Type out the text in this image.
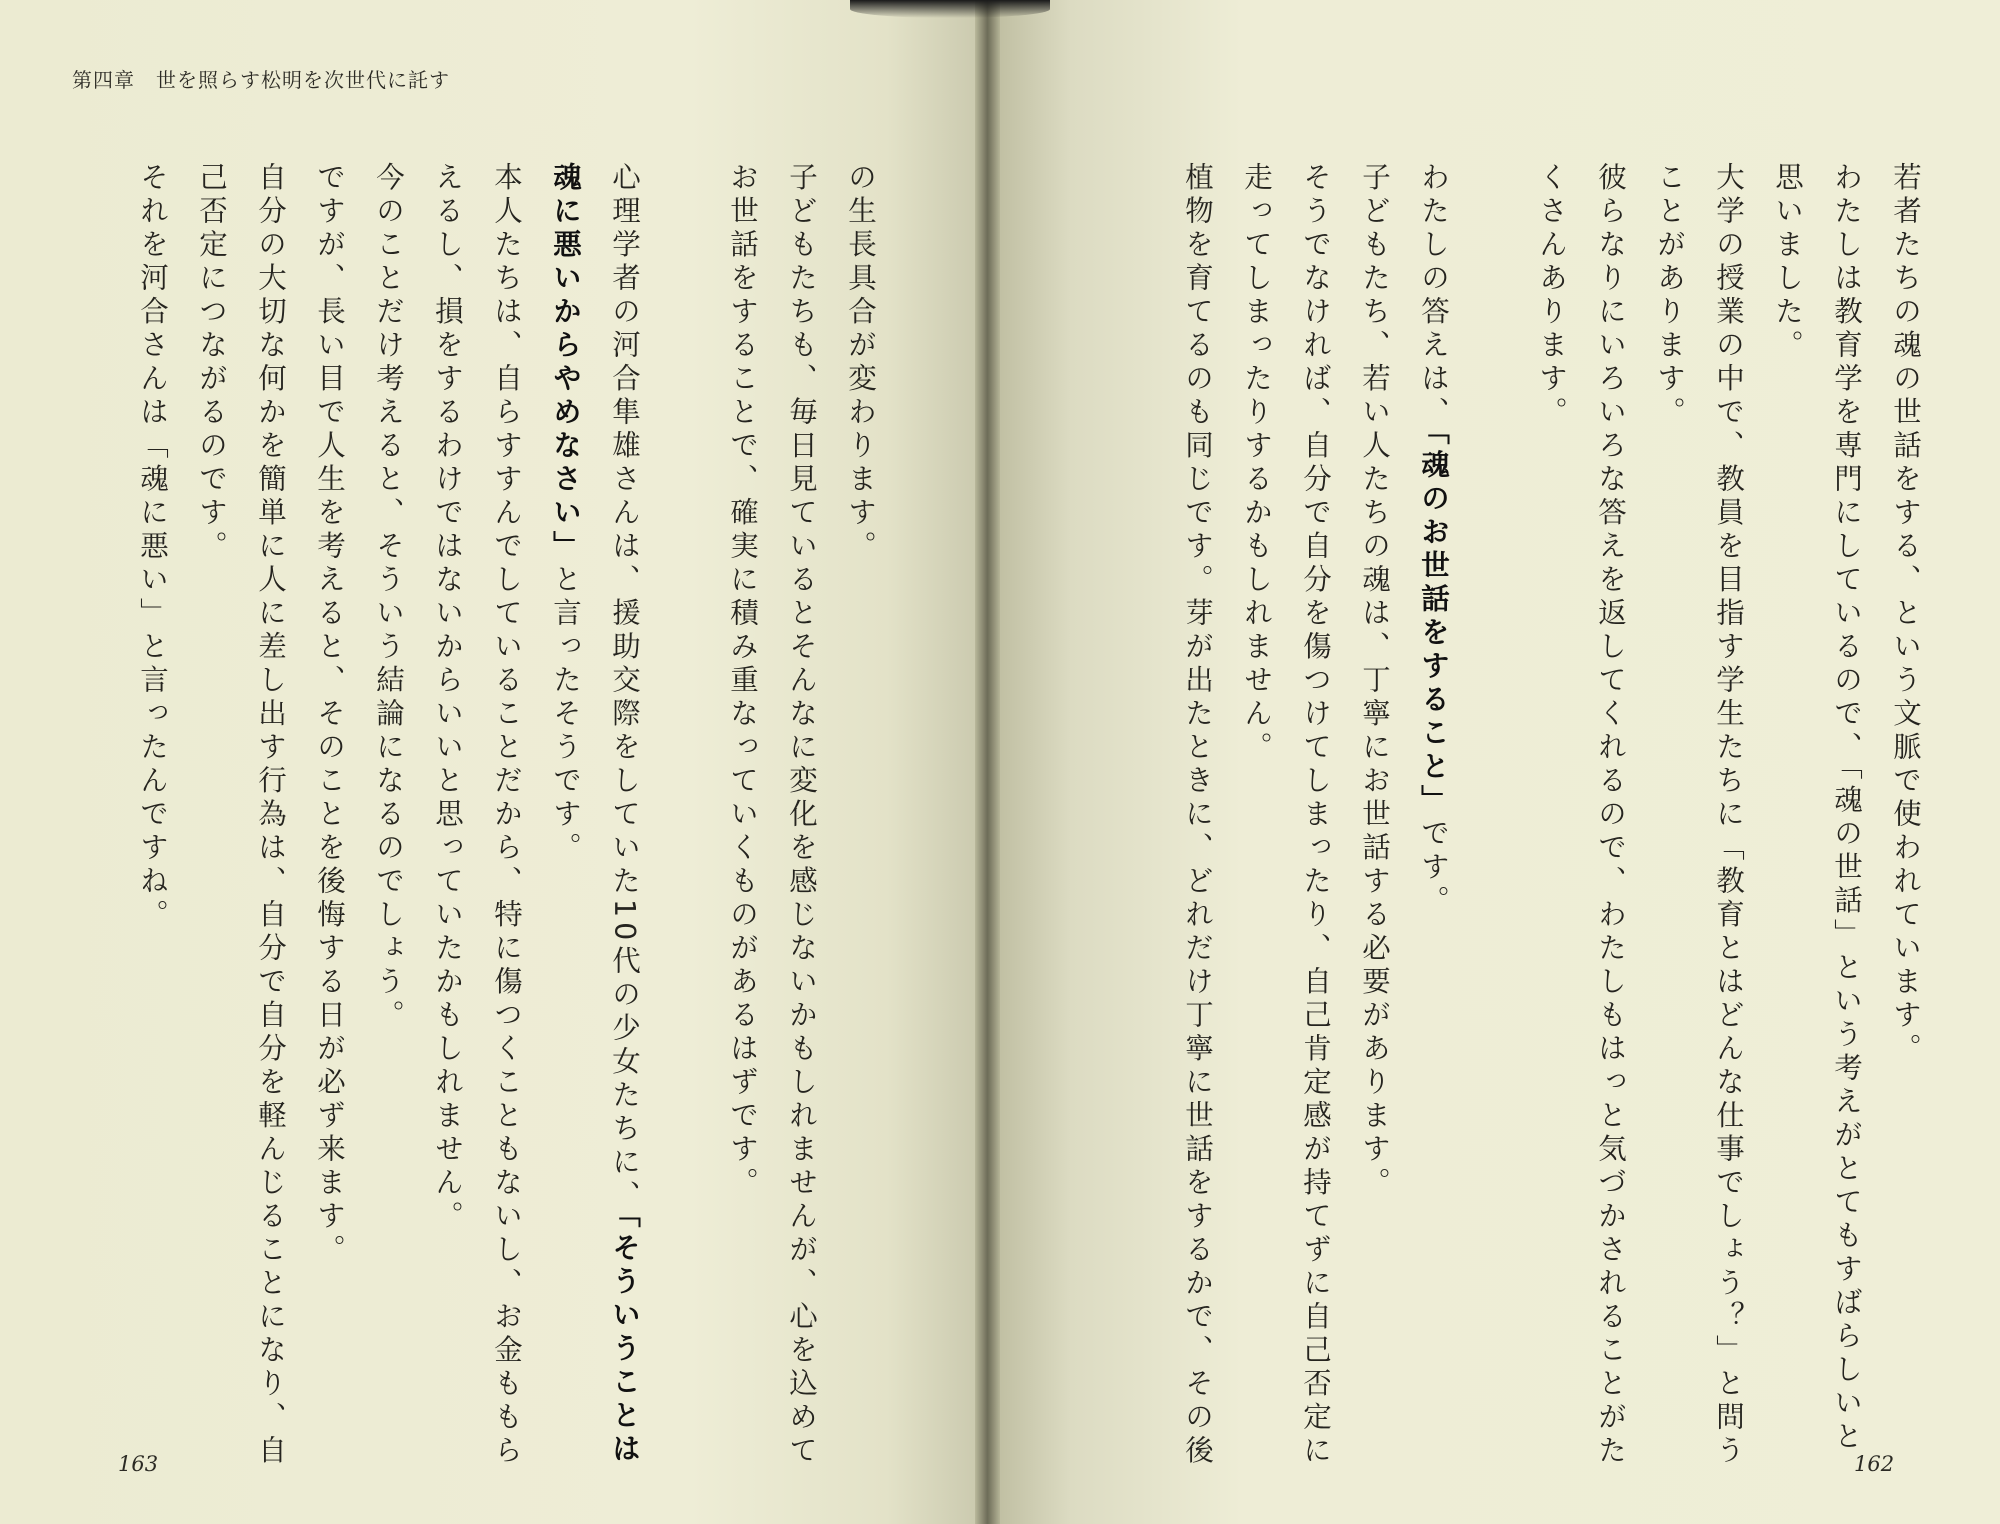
第四章　世を照らす松明を次世代に託す
若者たちの魂の世話をする、という文脈で使われています。
わたしは教育学を専門にしているので、「魂の世話」という考えがとてもすばらしいと
思いました。
大学の授業の中で、教員を目指す学生たちに「教育とはどんな仕事でしょう？」と問う
ことがあります。
彼らなりにいろいろな答えを返してくれるので、わたしもはっと気づかされることがた
くさんあります。
わたしの答えは、「魂のお世話をすること」です。
子どもたち、若い人たちの魂は、丁寧にお世話する必要があります。
そうでなければ、自分で自分を傷つけてしまったり、自己肯定感が持てずに自己否定に
走ってしまったりするかもしれません。
植物を育てるのも同じです。芽が出たときに、どれだけ丁寧に世話をするかで、その後
の生長具合が変わります。
子どもたちも、毎日見ているとそんなに変化を感じないかもしれませんが、心を込めて
お世話をすることで、確実に積み重なっていくものがあるはずです。
心理学者の河合隼雄さんは、援助交際をしていた10代の少女たちに、「そういうことは
魂に悪いからやめなさい」と言ったそうです。
本人たちは、自らすすんでしていることだから、特に傷つくこともないし、お金ももら
えるし、損をするわけではないからいいと思っていたかもしれません。
今のことだけ考えると、そういう結論になるのでしょう。
ですが、長い目で人生を考えると、そのことを後悔する日が必ず来ます。
自分の大切な何かを簡単に人に差し出す行為は、自分で自分を軽んじることになり、自
己否定につながるのです。
それを河合さんは「魂に悪い」と言ったんですね。
163	162
